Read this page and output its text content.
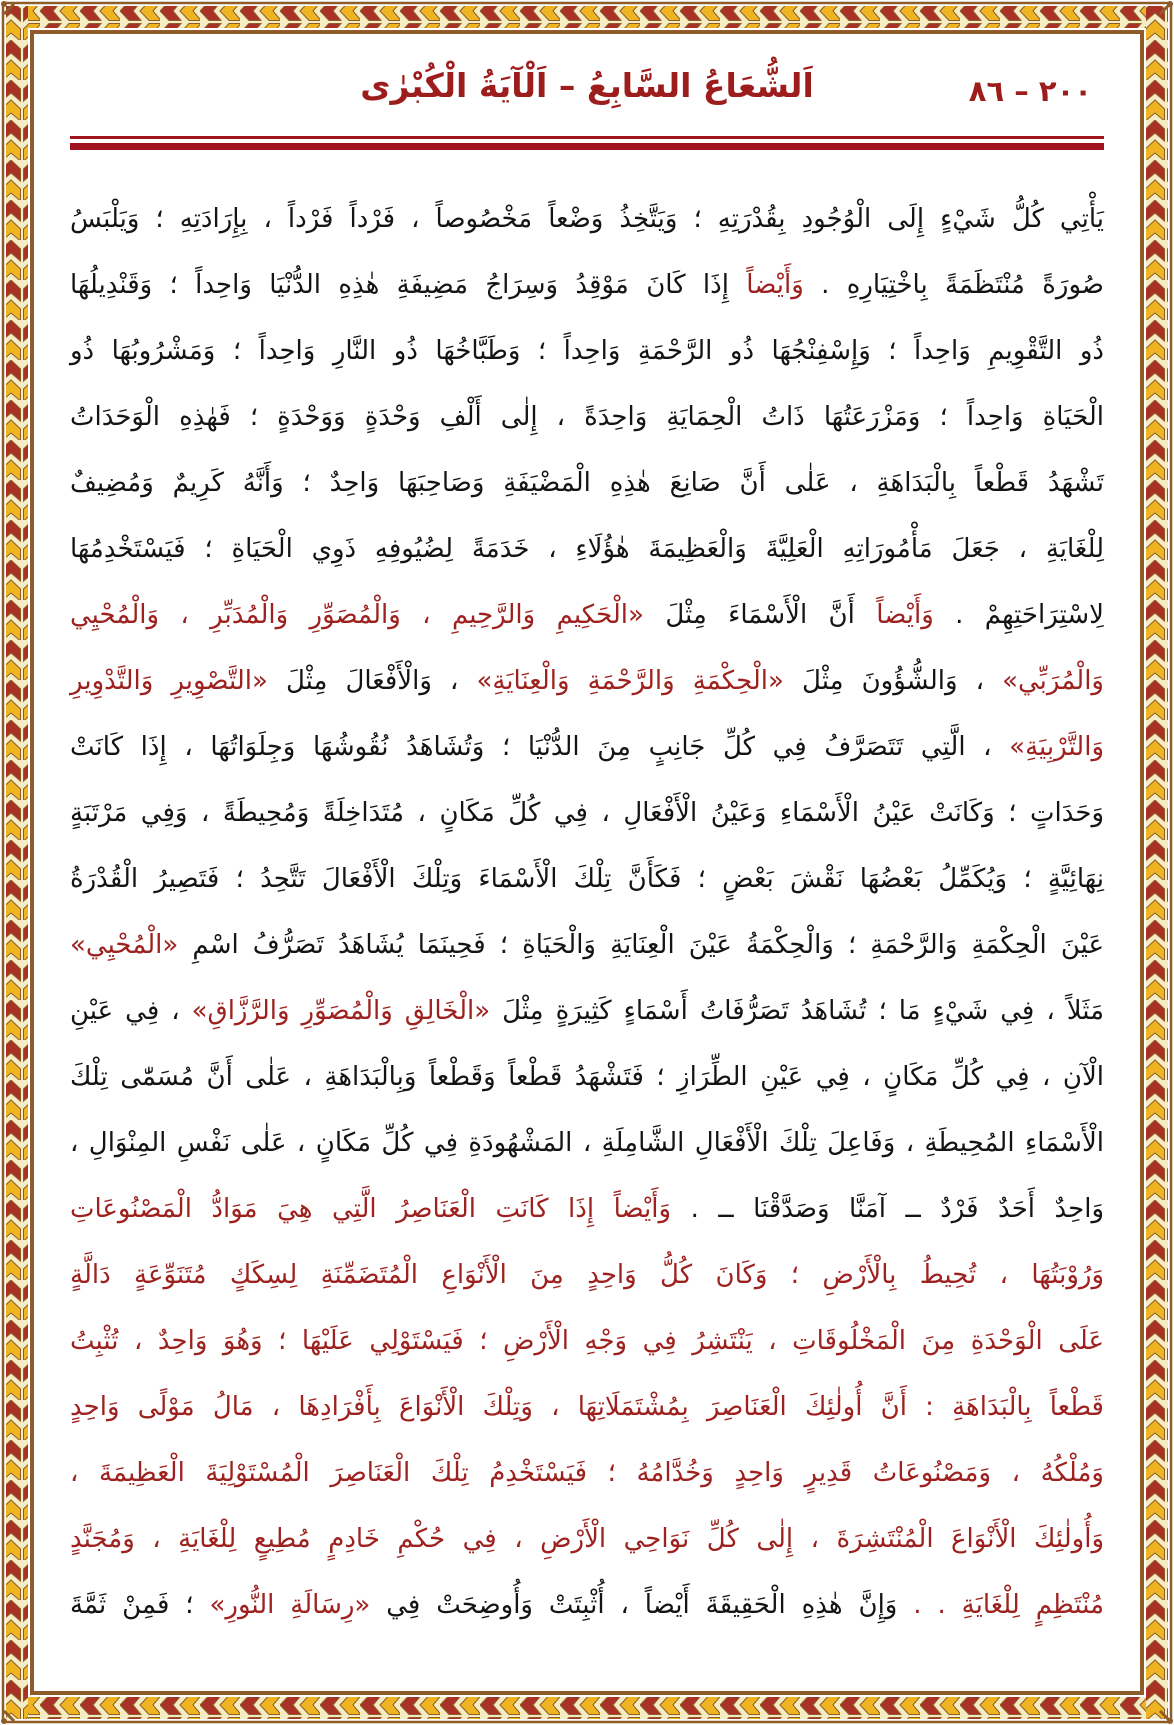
اَلشُّعَاعُ السَّابِعُ – اَلْآيَةُ الْكُبْرٰى	٢٠٠ – ٨٦
يَأْتِي كُلُّ شَيْءٍ إِلَى الْوُجُودِ بِقُدْرَتِهِ ؛ وَيَتَّخِذُ وَضْعاً مَخْصُوصاً ، فَرْداً فَرْداً ، بِإِرَادَتِهِ ؛ وَيَلْبَسُ
صُورَةً مُنْتَظَمَةً بِاخْتِيَارِهِ . وَأَيْضاً إِذَا كَانَ مَوْقِدُ وَسِرَاجُ مَضِيفَةِ هٰذِهِ الدُّنْيَا وَاحِداً ؛ وَقَنْدِيلُهَا
ذُو التَّقْوِيمِ وَاحِداً ؛ وَإِسْفِنْجُهَا ذُو الرَّحْمَةِ وَاحِداً ؛ وَطَبَّاخُهَا ذُو النَّارِ وَاحِداً ؛ وَمَشْرُوبُهَا ذُو
الْحَيَاةِ وَاحِداً ؛ وَمَزْرَعَتُهَا ذَاتُ الْحِمَايَةِ وَاحِدَةً ، إِلٰى أَلْفِ وَحْدَةٍ وَوَحْدَةٍ ؛ فَهٰذِهِ الْوَحَدَاتُ
تَشْهَدُ قَطْعاً بِالْبَدَاهَةِ ، عَلٰى أَنَّ صَانِعَ هٰذِهِ الْمَضْيَفَةِ وَصَاحِبَهَا وَاحِدٌ ؛ وَأَنَّهُ كَرِيمٌ وَمُضِيفٌ
لِلْغَايَةِ ، جَعَلَ مَأْمُورَاتِهِ الْعَلِيَّةَ وَالْعَظِيمَةَ هٰؤُلَاءِ ، خَدَمَةً لِضُيُوفِهِ ذَوِي الْحَيَاةِ ؛ فَيَسْتَخْدِمُهَا
لِاسْتِرَاحَتِهِمْ . وَأَيْضاً أَنَّ الْأَسْمَاءَ مِثْلَ «الْحَكِيمِ وَالرَّحِيمِ ، وَالْمُصَوِّرِ وَالْمُدَبِّرِ ، وَالْمُحْيِي
وَالْمُرَبِّي» ، وَالشُّؤُونَ مِثْلَ «الْحِكْمَةِ وَالرَّحْمَةِ وَالْعِنَايَةِ» ، وَالْأَفْعَالَ مِثْلَ «التَّصْوِيرِ وَالتَّدْوِيرِ
وَالتَّرْبِيَةِ» ، الَّتِي تَتَصَرَّفُ فِي كُلِّ جَانِبٍ مِنَ الدُّنْيَا ؛ وَتُشَاهَدُ نُقُوشُهَا وَجِلَوَاتُهَا ، إِذَا كَانَتْ
وَحَدَاتٍ ؛ وَكَانَتْ عَيْنُ الْأَسْمَاءِ وَعَيْنُ الْأَفْعَالِ ، فِي كُلِّ مَكَانٍ ، مُتَدَاخِلَةً وَمُحِيطَةً ، وَفِي مَرْتَبَةٍ
نِهَائِيَّةٍ ؛ وَيُكَمِّلُ بَعْضُهَا نَقْشَ بَعْضٍ ؛ فَكَأَنَّ تِلْكَ الْأَسْمَاءَ وَتِلْكَ الْأَفْعَالَ تَتَّحِدُ ؛ فَتَصِيرُ الْقُدْرَةُ
عَيْنَ الْحِكْمَةِ وَالرَّحْمَةِ ؛ وَالْحِكْمَةُ عَيْنَ الْعِنَايَةِ وَالْحَيَاةِ ؛ فَحِينَمَا يُشَاهَدُ تَصَرُّفُ اسْمِ «الْمُحْيِي»
مَثَلاً ، فِي شَيْءٍ مَا ؛ تُشَاهَدُ تَصَرُّفَاتُ أَسْمَاءٍ كَثِيرَةٍ مِثْلَ «الْخَالِقِ وَالْمُصَوِّرِ وَالرَّزَّاقِ» ، فِي عَيْنِ
الْآنِ ، فِي كُلِّ مَكَانٍ ، فِي عَيْنِ الطِّرَازِ ؛ فَتَشْهَدُ قَطْعاً وَقَطْعاً وَبِالْبَدَاهَةِ ، عَلٰى أَنَّ مُسَمّٰى تِلْكَ
الْأَسْمَاءِ المُحِيطَةِ ، وَفَاعِلَ تِلْكَ الْأَفْعَالِ الشَّامِلَةِ ، المَشْهُودَةِ فِي كُلِّ مَكَانٍ ، عَلٰى نَفْسِ المِنْوَالِ ،
وَاحِدٌ أَحَدٌ فَرْدٌ ــ آمَنَّا وَصَدَّقْنَا ــ . وَأَيْضاً إِذَا كَانَتِ الْعَنَاصِرُ الَّتِي هِيَ مَوَادُّ الْمَصْنُوعَاتِ
وَرُوْبَتُهَا ، تُحِيطُ بِالْأَرْضِ ؛ وَكَانَ كُلُّ وَاحِدٍ مِنَ الْأَنْوَاعِ الْمُتَضَمِّنَةِ لِسِكَكٍ مُتَنَوِّعَةٍ دَالَّةٍ
عَلَى الْوَحْدَةِ مِنَ الْمَخْلُوقَاتِ ، يَنْتَشِرُ فِي وَجْهِ الْأَرْضِ ؛ فَيَسْتَوْلِي عَلَيْهَا ؛ وَهُوَ وَاحِدٌ ، تُثْبِتُ
قَطْعاً بِالْبَدَاهَةِ : أَنَّ أُولٰئِكَ الْعَنَاصِرَ بِمُشْتَمَلَاتِهَا ، وَتِلْكَ الْأَنْوَاعَ بِأَفْرَادِهَا ، مَالُ مَوْلًى وَاحِدٍ
وَمُلْكُهُ ، وَمَصْنُوعَاتُ قَدِيرٍ وَاحِدٍ وَخُدَّامُهُ ؛ فَيَسْتَخْدِمُ تِلْكَ الْعَنَاصِرَ الْمُسْتَوْلِيَةَ الْعَظِيمَةَ ،
وَأُولٰئِكَ الْأَنْوَاعَ الْمُنْتَشِرَةَ ، إِلٰى كُلِّ نَوَاحِي الْأَرْضِ ، فِي حُكْمِ خَادِمٍ مُطِيعٍ لِلْغَايَةِ ، وَمُجَنَّدٍ
مُنْتَظِمٍ لِلْغَايَةِ . . وَإِنَّ هٰذِهِ الْحَقِيقَةَ أَيْضاً ، أُثْبِتَتْ وَأُوضِحَتْ فِي «رِسَالَةِ النُّورِ» ؛ فَمِنْ ثَمَّةَ
